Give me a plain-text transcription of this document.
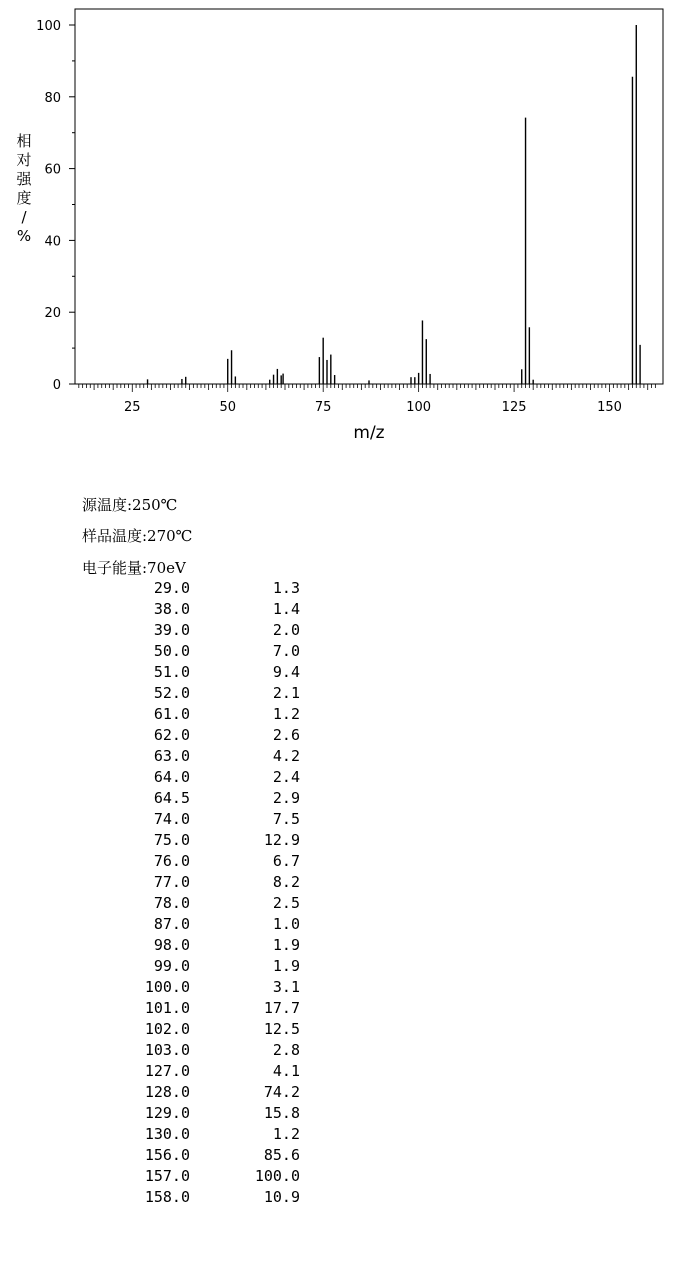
0
20
40
60
80
100
25	50	75	100	125	150
m/z
相
对
强
度
/
%
源温度:250℃
样品温度:270℃
电子能量:70eV
29.0	1.3
38.0	1.4
39.0	2.0
50.0	7.0
51.0	9.4
52.0	2.1
61.0	1.2
62.0	2.6
63.0	4.2
64.0	2.4
64.5	2.9
74.0	7.5
75.0	12.9
76.0	6.7
77.0	8.2
78.0	2.5
87.0	1.0
98.0	1.9
99.0	1.9
100.0	3.1
101.0	17.7
102.0	12.5
103.0	2.8
127.0	4.1
128.0	74.2
129.0	15.8
130.0	1.2
156.0	85.6
157.0	100.0
158.0	10.9
